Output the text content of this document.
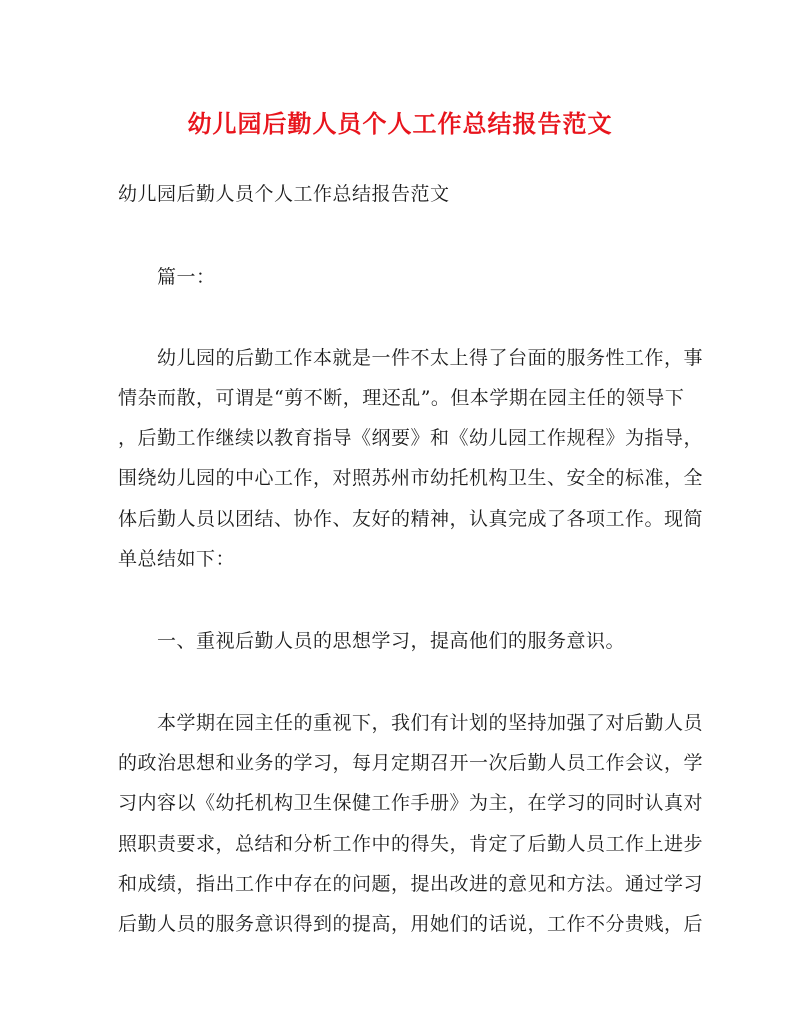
幼儿园后勤人员个人工作总结报告范文
幼儿园后勤人员个人工作总结报告范文
篇一：
幼儿园的后勤工作本就是一件不太上得了台面的服务性工作，事
情杂而散，可谓是“剪不断，理还乱”。但本学期在园主任的领导下
，后勤工作继续以教育指导《纲要》和《幼儿园工作规程》为指导，
围绕幼儿园的中心工作，对照苏州市幼托机构卫生、安全的标准，全
体后勤人员以团结、协作、友好的精神，认真完成了各项工作。现简
单总结如下：
一、重视后勤人员的思想学习，提高他们的服务意识。
本学期在园主任的重视下，我们有计划的坚持加强了对后勤人员
的政治思想和业务的学习，每月定期召开一次后勤人员工作会议，学
习内容以《幼托机构卫生保健工作手册》为主，在学习的同时认真对
照职责要求，总结和分析工作中的得失，肯定了后勤人员工作上进步
和成绩，指出工作中存在的问题，提出改进的意见和方法。通过学习
后勤人员的服务意识得到的提高，用她们的话说，工作不分贵贱，后
